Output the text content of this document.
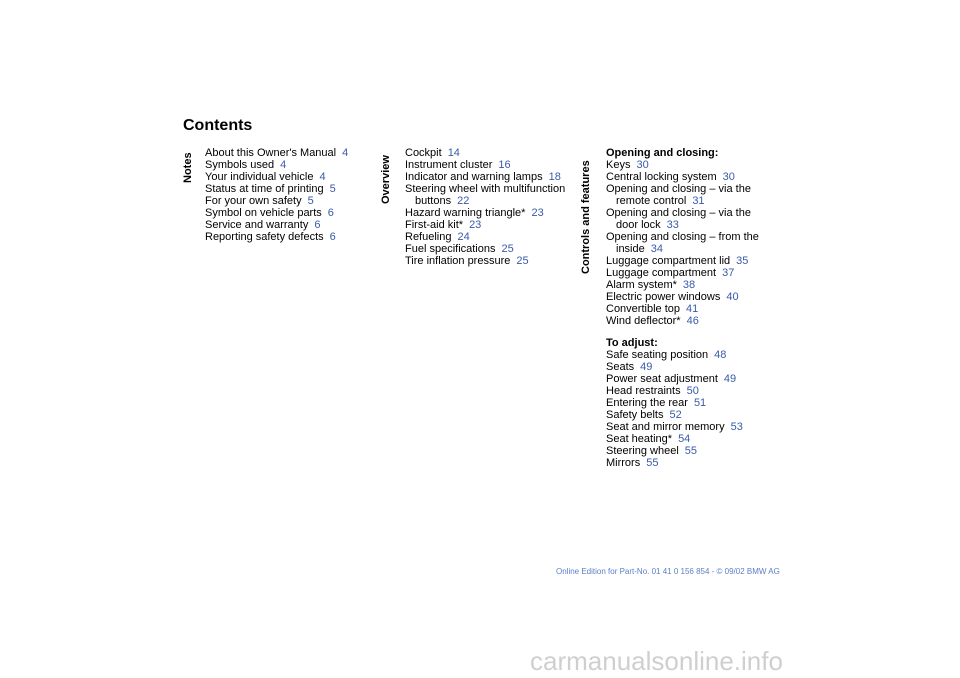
Contents
Notes About this Owner's Manual 4
Symbols used 4
Your individual vehicle 4
Status at time of printing 5
For your own safety 5
Symbol on vehicle parts 6
Service and warranty 6
Reporting safety defects 6
Overview
Cockpit 14
Instrument cluster 16
Indicator and warning lamps 18
Steering wheel with multifunction buttons 22
Hazard warning triangle* 23
First-aid kit* 23
Refueling 24
Fuel specifications 25
Tire inflation pressure 25	Controls and features
Opening and closing:
Keys 30
Central locking system 30
Opening and closing – via the remote control 31
Opening and closing – via the door lock 33
Opening and closing – from the inside 34
Luggage compartment lid 35
Luggage compartment 37
Alarm system* 38
Electric power windows 40
Convertible top 41
Wind deflector* 46
To adjust:
Safe seating position 48
Seats 49
Power seat adjustment 49
Head restraints 50
Entering the rear 51
Safety belts 52
Seat and mirror memory 53
Seat heating* 54
Steering wheel 55
Mirrors 55
Online Edition for Part-No. 01 41 0 156 854 - © 09/02 BMW AG
carmanualsonline.info
